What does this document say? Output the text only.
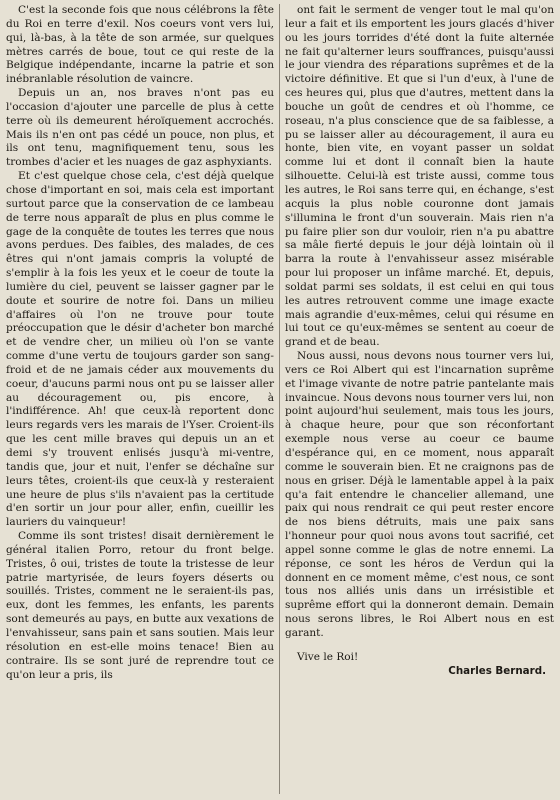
C'est la seconde fois que nous célébrons la fête du Roi en terre d'exil. Nos coeurs vont vers lui, qui, là-bas, à la tête de son armée, sur quelques mètres carrés de boue, tout ce qui reste de la Belgique indépendante, incarne la patrie et son inébranlable résolution de vaincre.

Depuis un an, nos braves n'ont pas eu l'occasion d'ajouter une parcelle de plus à cette terre où ils demeurent héroïquement accrochés. Mais ils n'en ont pas cédé un pouce, non plus, et ils ont tenu, magnifiquement tenu, sous les trombes d'acier et les nuages de gaz asphyxiants.

Et c'est quelque chose cela, c'est déjà quelque chose d'important en soi, mais cela est important surtout parce que la conservation de ce lambeau de terre nous apparaît de plus en plus comme le gage de la conquête de toutes les terres que nous avons perdues. Des faibles, des malades, de ces êtres qui n'ont jamais compris la volupté de s'emplir à la fois les yeux et le coeur de toute la lumière du ciel, peuvent se laisser gagner par le doute et sourire de notre foi. Dans un milieu d'affaires où l'on ne trouve pour toute préoccupation que le désir d'acheter bon marché et de vendre cher, un milieu où l'on se vante comme d'une vertu de toujours garder son sang-froid et de ne jamais céder aux mouvements du coeur, d'aucuns parmi nous ont pu se laisser aller au découragement ou, pis encore, à l'indifférence. Ah! que ceux-là reportent donc leurs regards vers les marais de l'Yser. Croient-ils que les cent mille braves qui depuis un an et demi s'y trouvent enlisés jusqu'à mi-ventre, tandis que, jour et nuit, l'enfer se déchaîne sur leurs têtes, croient-ils que ceux-là y resteraient une heure de plus s'ils n'avaient pas la certitude d'en sortir un jour pour aller, enfin, cueillir les lauriers du vainqueur!

Comme ils sont tristes! disait dernièrement le général italien Porro, retour du front belge. Tristes, ô oui, tristes de toute la tristesse de leur patrie martyrisée, de leurs foyers déserts ou souillés. Tristes, comment ne le seraient-ils pas, eux, dont les femmes, les enfants, les parents sont demeurés au pays, en butte aux vexations de l'envahisseur, sans pain et sans soutien. Mais leur résolution en est-elle moins tenace! Bien au contraire. Ils se sont juré de reprendre tout ce qu'on leur a pris, ils

ont fait le serment de venger tout le mal qu'on leur a fait et ils emportent les jours glacés d'hiver ou les jours torrides d'été dont la fuite alternée ne fait qu'alterner leurs souffrances, puisqu'aussi le jour viendra des réparations suprêmes et de la victoire définitive. Et que si l'un d'eux, à l'une de ces heures qui, plus que d'autres, mettent dans la bouche un goût de cendres et où l'homme, ce roseau, n'a plus conscience que de sa faiblesse, a pu se laisser aller au découragement, il aura eu honte, bien vite, en voyant passer un soldat comme lui et dont il connaît bien la haute silhouette. Celui-là est triste aussi, comme tous les autres, le Roi sans terre qui, en échange, s'est acquis la plus noble couronne dont jamais s'illumina le front d'un souverain. Mais rien n'a pu faire plier son dur vouloir, rien n'a pu abattre sa mâle fierté depuis le jour déjà lointain où il barra la route à l'envahisseur assez misérable pour lui proposer un infâme marché. Et, depuis, soldat parmi ses soldats, il est celui en qui tous les autres retrouvent comme une image exacte mais agrandie d'eux-mêmes, celui qui résume en lui tout ce qu'eux-mêmes se sentent au coeur de grand et de beau.

Nous aussi, nous devons nous tourner vers lui, vers ce Roi Albert qui est l'incarnation suprême et l'image vivante de notre patrie pantelante mais invaincue. Nous devons nous tourner vers lui, non point aujourd'hui seulement, mais tous les jours, à chaque heure, pour que son réconfortant exemple nous verse au coeur ce baume d'espérance qui, en ce moment, nous apparaît comme le souverain bien. Et ne craignons pas de nous en griser. Déjà le lamentable appel à la paix qu'a fait entendre le chancelier allemand, une paix qui nous rendrait ce qui peut rester encore de nos biens détruits, mais une paix sans l'honneur pour quoi nous avons tout sacrifié, cet appel sonne comme le glas de notre ennemi. La réponse, ce sont les héros de Verdun qui la donnent en ce moment même, c'est nous, ce sont tous nos alliés unis dans un irrésistible et suprême effort qui la donneront demain. Demain nous serons libres, le Roi Albert nous en est garant.

Vive le Roi!

Charles Bernard.
